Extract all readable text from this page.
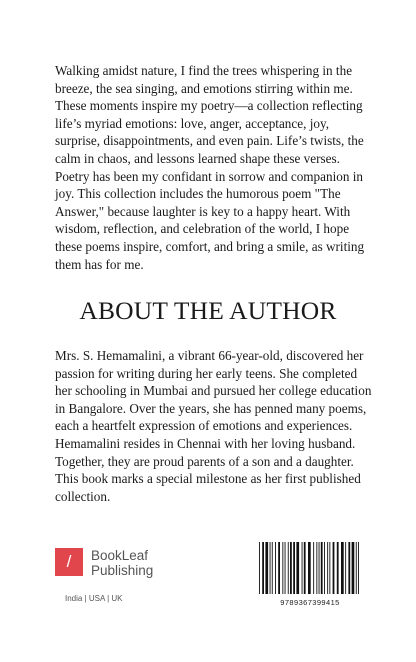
Walking amidst nature, I find the trees whispering in the breeze, the sea singing, and emotions stirring within me. These moments inspire my poetry—a collection reflecting life’s myriad emotions: love, anger, acceptance, joy, surprise, disappointments, and even pain. Life’s twists, the calm in chaos, and lessons learned shape these verses. Poetry has been my confidant in sorrow and companion in joy. This collection includes the humorous poem "The Answer," because laughter is key to a happy heart. With wisdom, reflection, and celebration of the world, I hope these poems inspire, comfort, and bring a smile, as writing them has for me.

ABOUT THE AUTHOR

Mrs. S. Hemamalini, a vibrant 66-year-old, discovered her passion for writing during her early teens. She completed her schooling in Mumbai and pursued her college education in Bangalore. Over the years, she has penned many poems, each a heartfelt expression of emotions and experiences. Hemamalini resides in Chennai with her loving husband. Together, they are proud parents of a son and a daughter.

This book marks a special milestone as her first published collection.

/	BookLeaf
Publishing
India | USA | UK	9789367399415
